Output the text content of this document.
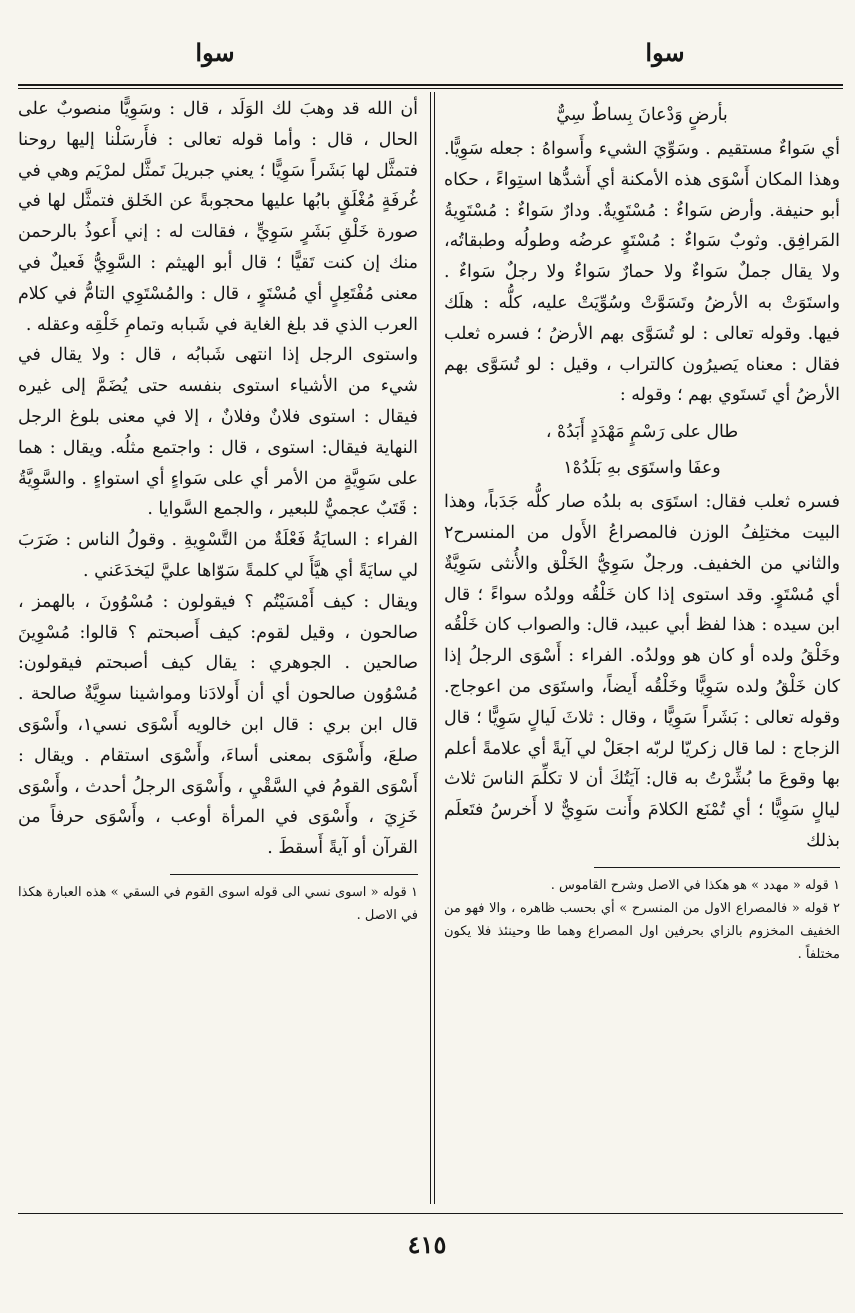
سوا
سوا
بأرضٍ وَدْعانَ بِساطٌ سِيٌّ

أي سَواءٌ مستقيم . وسَوِّيَ الشيء وأَسواهُ : جعله سَوِيًّا. وهذا المكان أَسْوَى هذه الأمكنة أي أَشدُّها استِواءً ، حكاه أبو حنيفة. وأرض سَواءٌ : مُسْتَوِيةٌ. ودارٌ سَواءٌ : مُسْتَوِيةُ المَرافِق. وثوبٌ سَواءٌ : مُسْتَوٍ عرضُه وطولُه وطبقاتُه، ولا يقال جملٌ سَواءٌ ولا حمارٌ سَواءٌ ولا رجلٌ سَواءٌ . واستَوَتْ به الأرضُ وتَسَوَّتْ وسُوِّيَتْ عليه، كلُّه : هلَك فيها. وقوله تعالى : لو تُسَوَّى بهم الأرضُ ؛ فسره ثعلب فقال : معناه يَصيرُون كالتراب ، وقيل : لو تُسَوَّى بهم الأرضُ أي تَستَوي بهم ؛ وقوله :

طال على رَسْمٍ مَهْدَدٍ أَبَدُهْ ،
وعفَا واستَوَى بهِ بَلَدُهْ١

فسره ثعلب فقال: استَوَى به بلدُه صار كلُّه جَدَباً، وهذا البيت مختلِفُ الوزن فالمصراعُ الأَول من المنسرح٢ والثاني من الخفيف. ورجلٌ سَوِيُّ الخَلْق والأُنثى سَوِيَّةٌ أي مُسْتَوٍ. وقد استوى إذا كان خَلْقُه وولدُه سواءً ؛ قال ابن سيده : هذا لفظ أبي عبيد، قال: والصواب كان خَلْقُه وخَلْقُ ولده أو كان هو وولدُه. الفراء : أَسْوَى الرجلُ إذا كان خَلْقُ ولده سَوِيًّا وخَلْقُه أَيضاً، واستَوَى من اعوجاج. وقوله تعالى : بَشَراً سَوِيًّا ، وقال : ثلاثَ لَيالٍ سَوِيًّا ؛ قال الزجاج : لما قال زكريّا لربّه اجعَلْ لي آيةً أي علامةً أعلم بها وقوعَ ما بُشِّرْتُ به قال: آيَتُكَ أن لا تكلِّمَ الناسَ ثلاث ليالٍ سَوِيًّا ؛ أي تُمْنَع الكلامَ وأَنت سَوِيٌّ لا أَخرسُ فتَعلَم بذلك

١ قوله « مهدد » هو هكذا في الاصل وشرح القاموس .

٢ قوله « فالمصراع الاول من المنسرح » أي بحسب ظاهره ، والا فهو من الخفيف المخزوم بالزاي بحرفين اول المصراع وهما طا وحينئذ فلا يكون مختلفاً .

أن الله قد وهبَ لك الوَلَد ، قال : وسَوِيًّا منصوبٌ على الحال ، قال : وأما قوله تعالى : فأَرسَلْنا إليها روحنا فتمثَّل لها بَشَراً سَوِيًّا ؛ يعني جبريلَ تَمثَّل لمرْيَم وهي في غُرفَةٍ مُغْلَقٍ بابُها عليها محجوبةً عن الخَلق فتمثَّل لها في صورة خَلْقِ بَشَرٍ سَوِيٍّ ، فقالت له : إني أَعوذُ بالرحمن منك إن كنت تَقيًّا ؛ قال أبو الهيثم : السَّوِيُّ فَعيلٌ في معنى مُفْتَعِلٍ أي مُسْتَوٍ ، قال : والمُسْتَوِي التامُّ في كلام العرب الذي قد بلغ الغاية في شَبابه وتمامِ خَلْقِه وعقله .

واستوى الرجل إذا انتهى شَبابُه ، قال : ولا يقال في شيء من الأشياء استوى بنفسه حتى يُضَمَّ إلى غيره فيقال : استوى فلانٌ وفلانٌ ، إلا في معنى بلوغ الرجل النهاية فيقال: استوى ، قال : واجتمع مثلُه. ويقال : هما على سَوِيَّةٍ من الأمر أي على سَواءٍ أي استواءٍ . والسَّوِيَّةُ : قَتَبٌ عجميٌّ للبعير ، والجمع السَّوايا .

الفراء : السايَةُ فَعْلَةٌ من التَّسْوِيةِ . وقولُ الناس : ضَرَبَ لي سايَةً أي هيَّأَ لي كلمةً سَوّاها عليَّ ليَخدَعَني .

ويقال : كيف أَمْسَيْتُم ؟ فيقولون : مُسْوُونَ ، بالهمز ، صالحون ، وقيل لقوم: كيف أَصبحتم ؟ قالوا: مُسْوِينَ صالحين . الجوهري : يقال كيف أصبحتم فيقولون: مُسْوُون صالحون أي أن أَولادَنا ومواشينا سوِيَّةٌ صالحة . قال ابن بري : قال ابن خالويه أَسْوَى نسي١، وأَسْوَى صلعَ، وأَسْوَى بمعنى أساءَ، وأَسْوَى استقام . ويقال : أَسْوَى القومُ في السَّقْيِ ، وأَسْوَى الرجلُ أحدث ، وأَسْوَى خَزِيَ ، وأَسْوَى في المرأة أوعب ، وأَسْوَى حرفاً من القرآن أو آيةً أَسقطَ .

١ قوله « اسوى نسي الى قوله اسوى القوم في السقي » هذه العبارة هكذا في الاصل .

٤١٥
